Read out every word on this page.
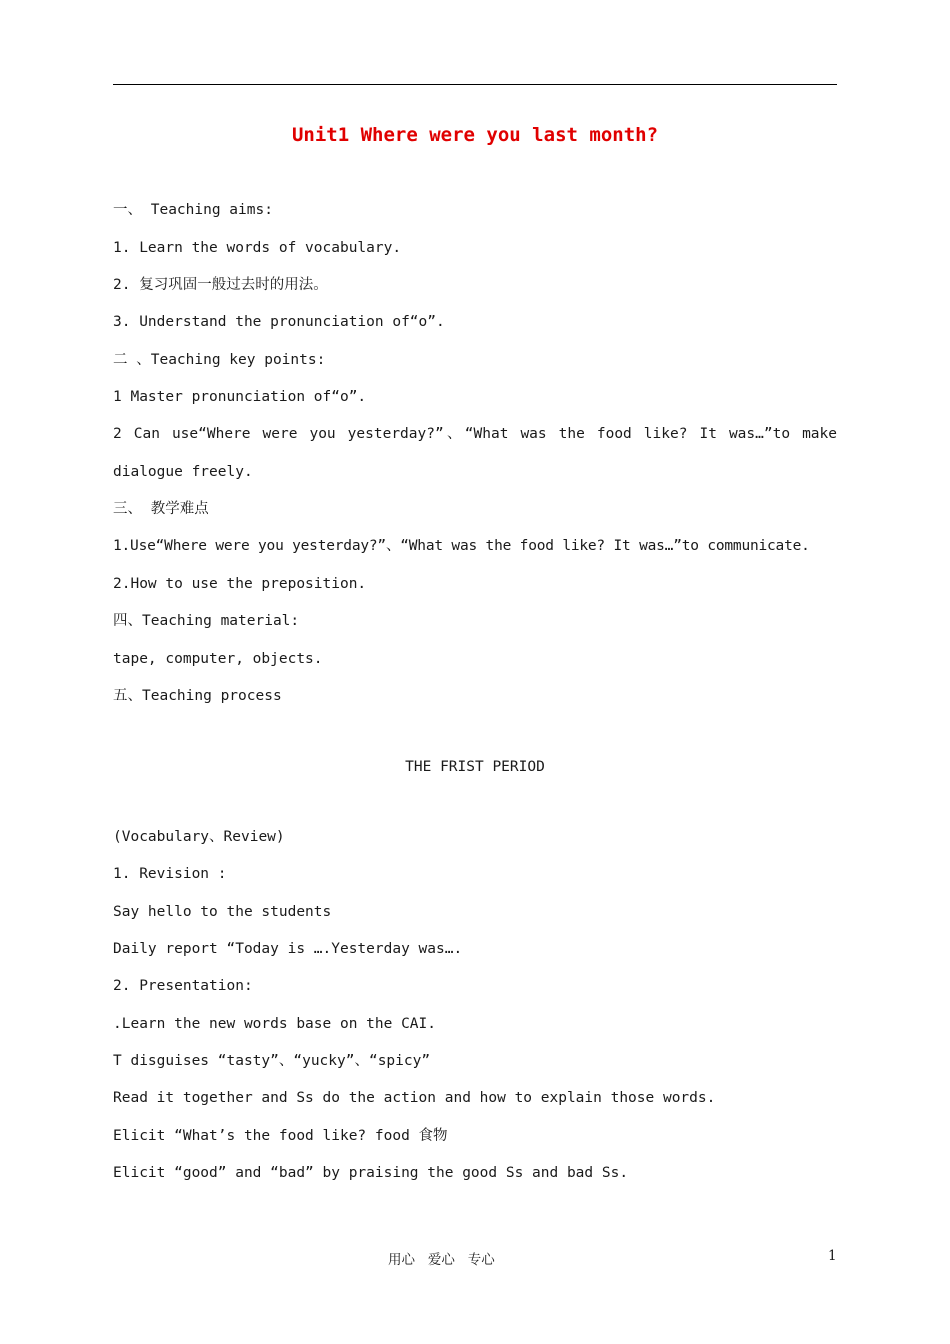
Unit1 Where were you last month?
一、 Teaching aims:
1. Learn the words of vocabulary.
2. 复习巩固一般过去时的用法。
3. Understand the pronunciation of“o”.
二 、Teaching key points:
1 Master pronunciation of“o”.
2 Can use“Where were you yesterday?”、“What was the food like? It was…”to make
dialogue freely.
三、 教学难点
1.Use“Where were you yesterday?”、“What was the food like? It was…”to communicate.
2.How to use the preposition.
四、Teaching material:
tape, computer, objects.
五、Teaching process
THE FRIST PERIOD
(Vocabulary、Review)
1. Revision :
Say hello to the students
Daily report “Today is ….Yesterday was….
2. Presentation:
.Learn the new words base on the CAI.
T disguises “tasty”、“yucky”、“spicy”
Read it together and Ss do the action and how to explain those words.
Elicit “What’s the food like? food 食物
Elicit “good” and “bad” by praising the good Ss and bad Ss.
用心   爱心   专心	1
